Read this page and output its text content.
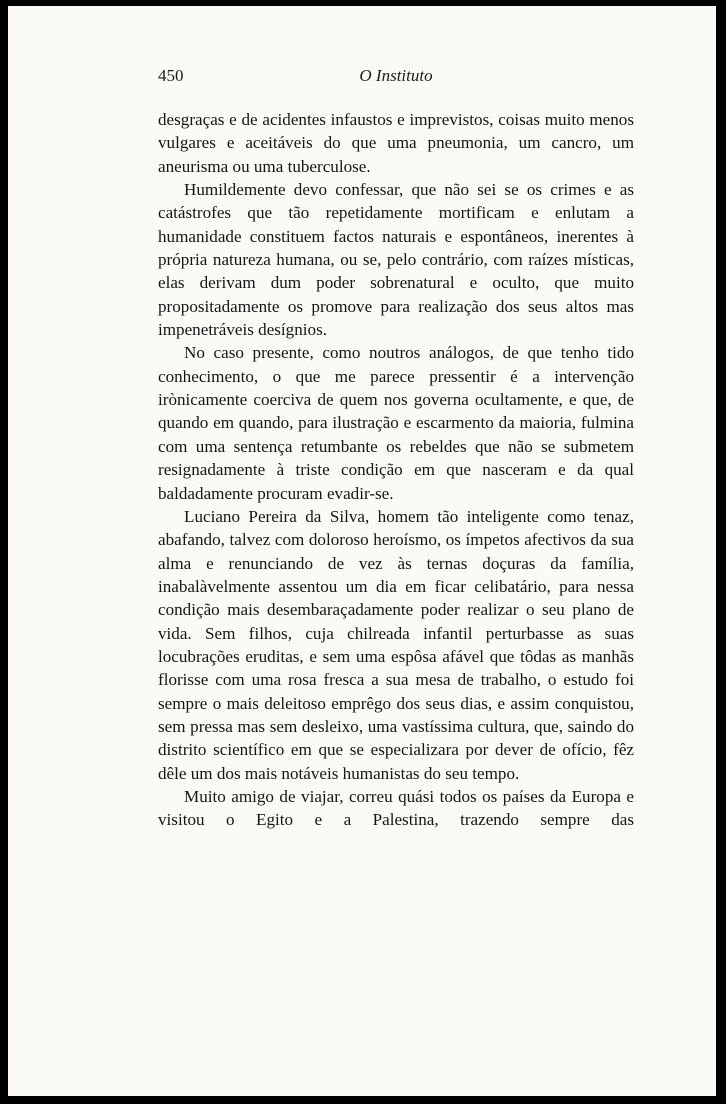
450	O Instituto

desgraças e de acidentes infaustos e imprevistos, coisas muito menos vulgares e aceitáveis do que uma pneumonia, um cancro, um aneurisma ou uma tuberculose.

Humildemente devo confessar, que não sei se os crimes e as catástrofes que tão repetidamente mortificam e enlutam a humanidade constituem factos naturais e espontâneos, inerentes à própria natureza humana, ou se, pelo contrário, com raízes místicas, elas derivam dum poder sobrenatural e oculto, que muito propositadamente os promove para realização dos seus altos mas impenetráveis desígnios.

No caso presente, como noutros análogos, de que tenho tido conhecimento, o que me parece pressentir é a intervenção irònicamente coerciva de quem nos governa ocultamente, e que, de quando em quando, para ilustração e escarmento da maioria, fulmina com uma sentença retumbante os rebeldes que não se submetem resignadamente à triste condição em que nasceram e da qual baldadamente procuram evadir-se.

Luciano Pereira da Silva, homem tão inteligente como tenaz, abafando, talvez com doloroso heroísmo, os ímpetos afectivos da sua alma e renunciando de vez às ternas doçuras da família, inabalàvelmente assentou um dia em ficar celibatário, para nessa condição mais desembaraçadamente poder realizar o seu plano de vida. Sem filhos, cuja chilreada infantil perturbasse as suas locubrações eruditas, e sem uma espôsa afável que tôdas as manhãs florisse com uma rosa fresca a sua mesa de trabalho, o estudo foi sempre o mais deleitoso emprêgo dos seus dias, e assim conquistou, sem pressa mas sem desleixo, uma vastíssima cultura, que, saindo do distrito scientífico em que se especializara por dever de ofício, fêz dêle um dos mais notáveis humanistas do seu tempo.

Muito amigo de viajar, correu quási todos os países da Europa e visitou o Egito e a Palestina, trazendo sempre das
